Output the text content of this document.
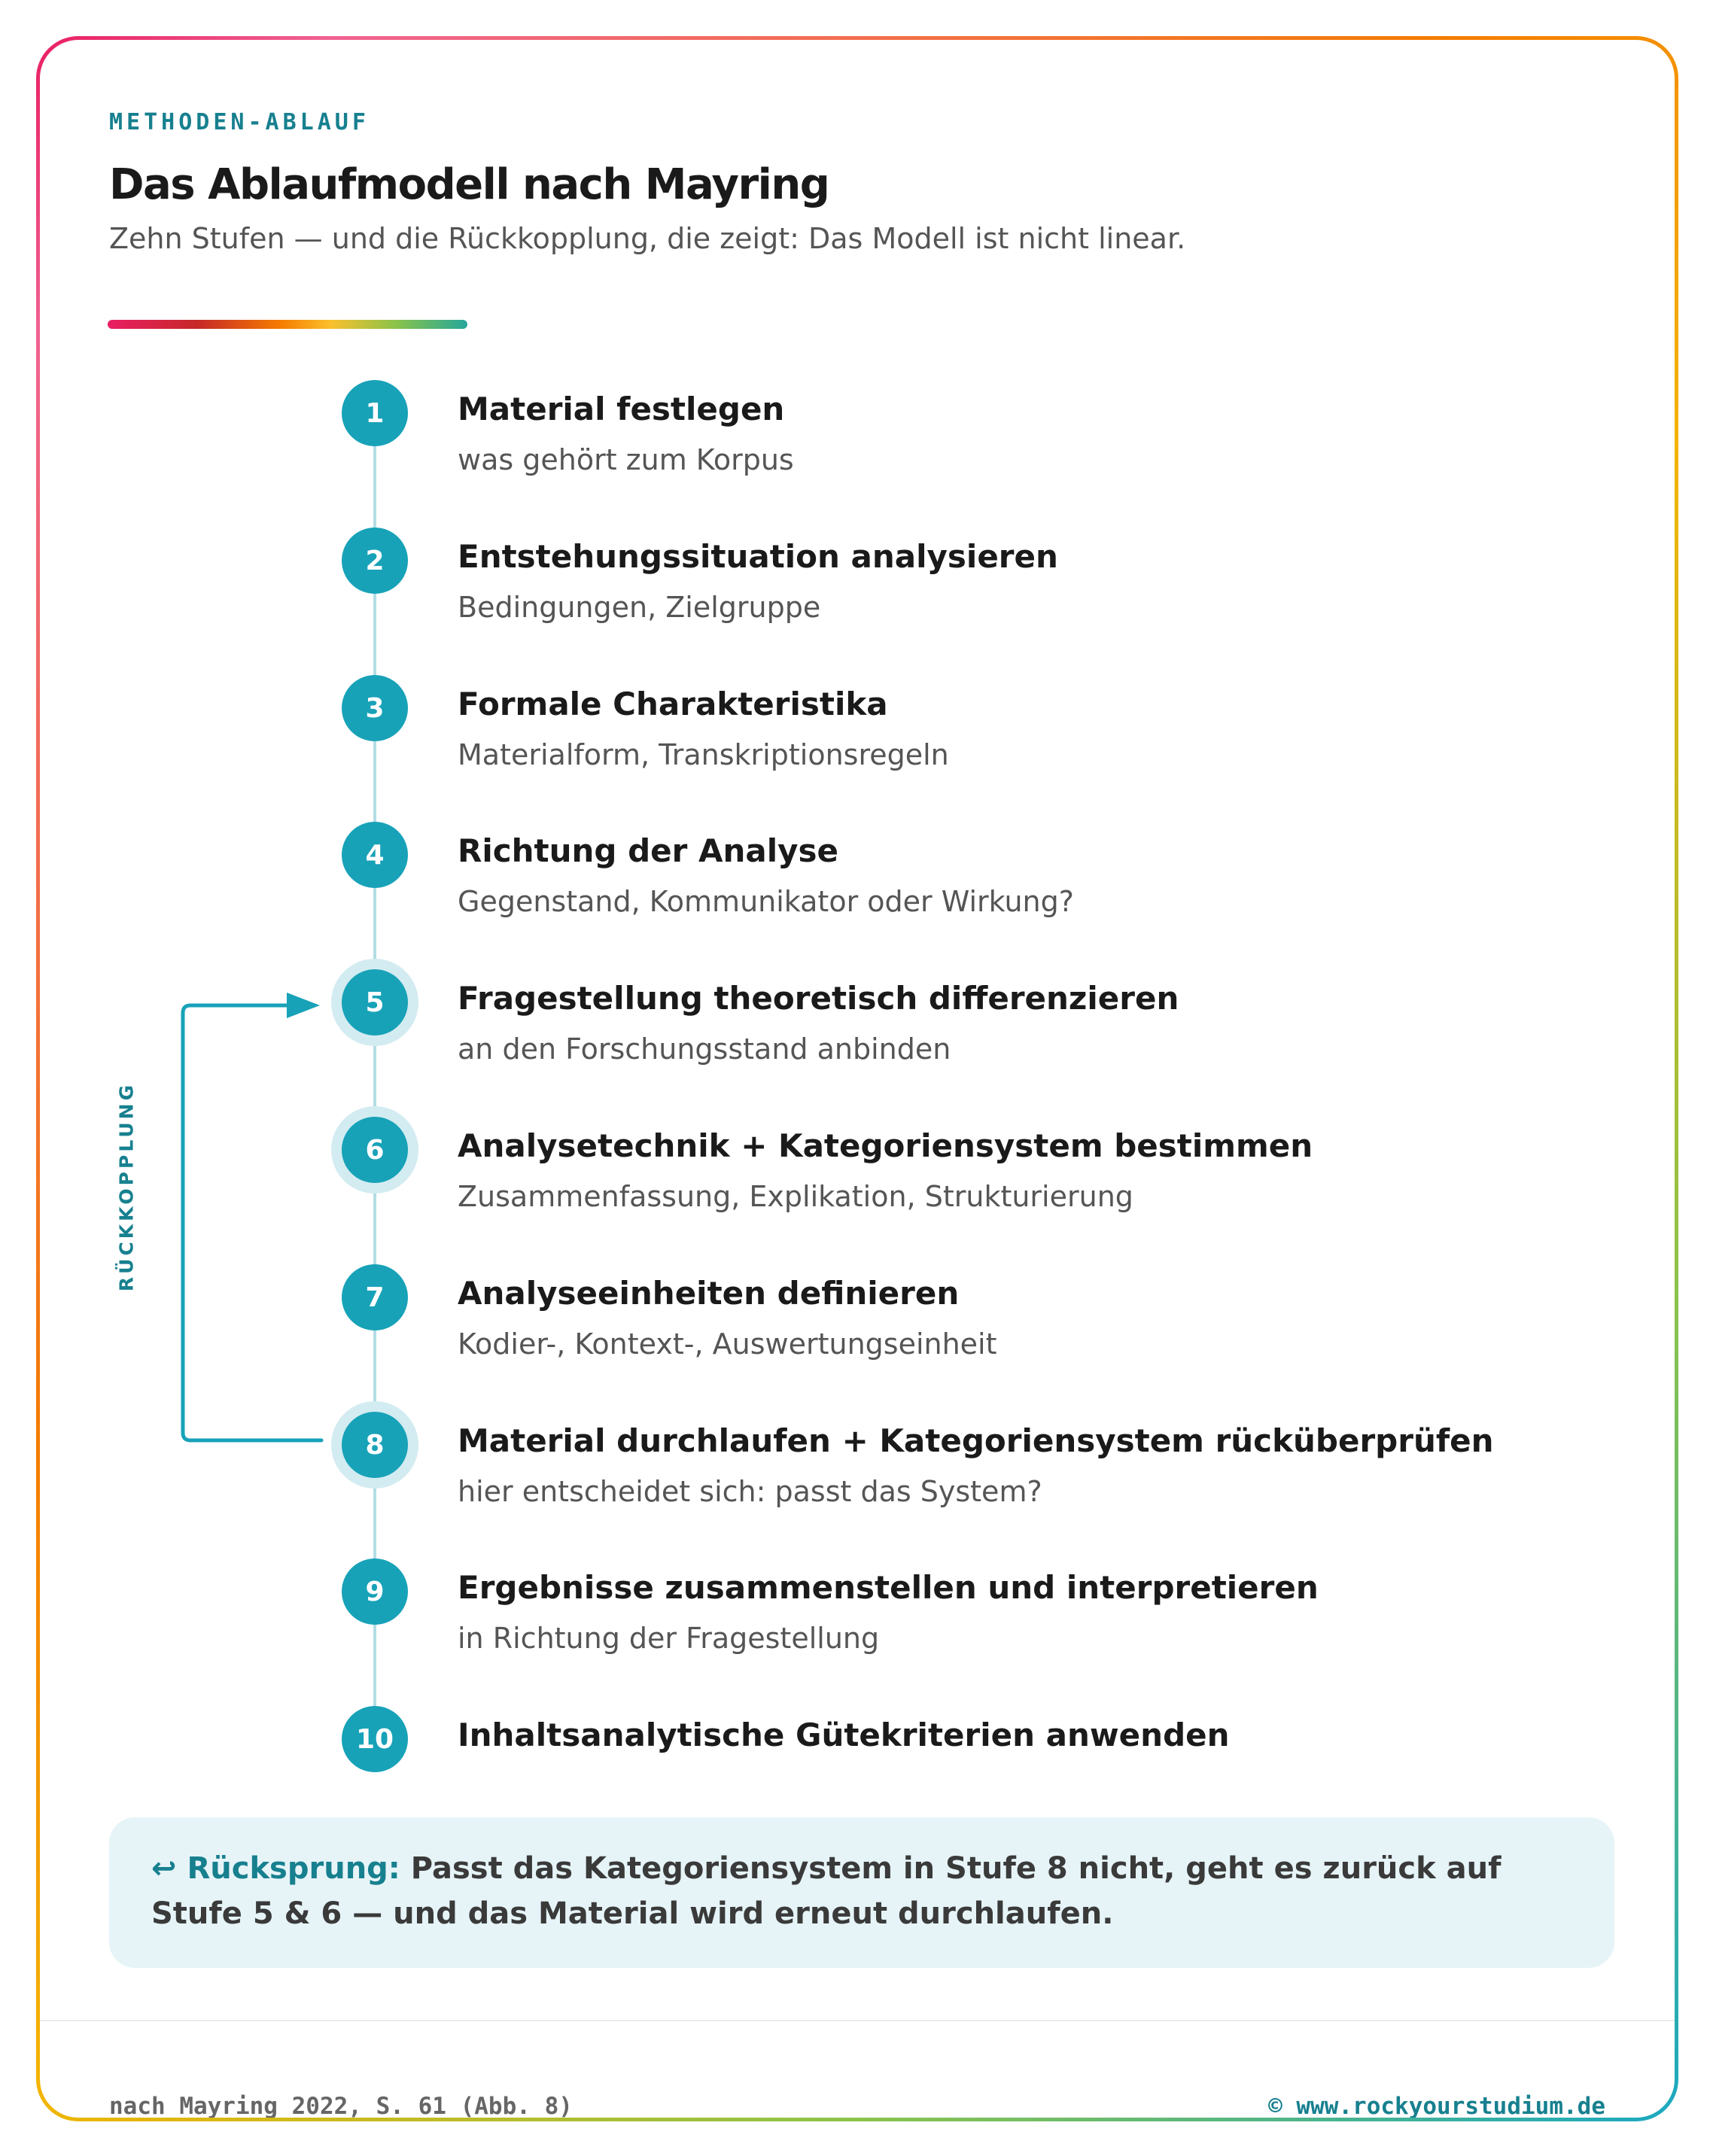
METHODEN-ABLAUF
Das Ablaufmodell nach Mayring
Zehn Stufen — und die Rückkopplung, die zeigt: Das Modell ist nicht linear.
RÜCKKOPPLUNG
1	Material festlegen
was gehört zum Korpus
2	Entstehungssituation analysieren
Bedingungen, Zielgruppe
3	Formale Charakteristika
Materialform, Transkriptionsregeln
4	Richtung der Analyse
Gegenstand, Kommunikator oder Wirkung?
5	Fragestellung theoretisch differenzieren
an den Forschungsstand anbinden
6	Analysetechnik + Kategoriensystem bestimmen
Zusammenfassung, Explikation, Strukturierung
7	Analyseeinheiten definieren
Kodier-, Kontext-, Auswertungseinheit
8	Material durchlaufen + Kategoriensystem rücküberprüfen
hier entscheidet sich: passt das System?
9	Ergebnisse zusammenstellen und interpretieren
in Richtung der Fragestellung
10	Inhaltsanalytische Gütekriterien anwenden
↩ Rücksprung: Passt das Kategoriensystem in Stufe 8 nicht, geht es zurück auf Stufe 5 & 6 — und das Material wird erneut durchlaufen.
nach Mayring 2022, S. 61 (Abb. 8)	© www.rockyourstudium.de
